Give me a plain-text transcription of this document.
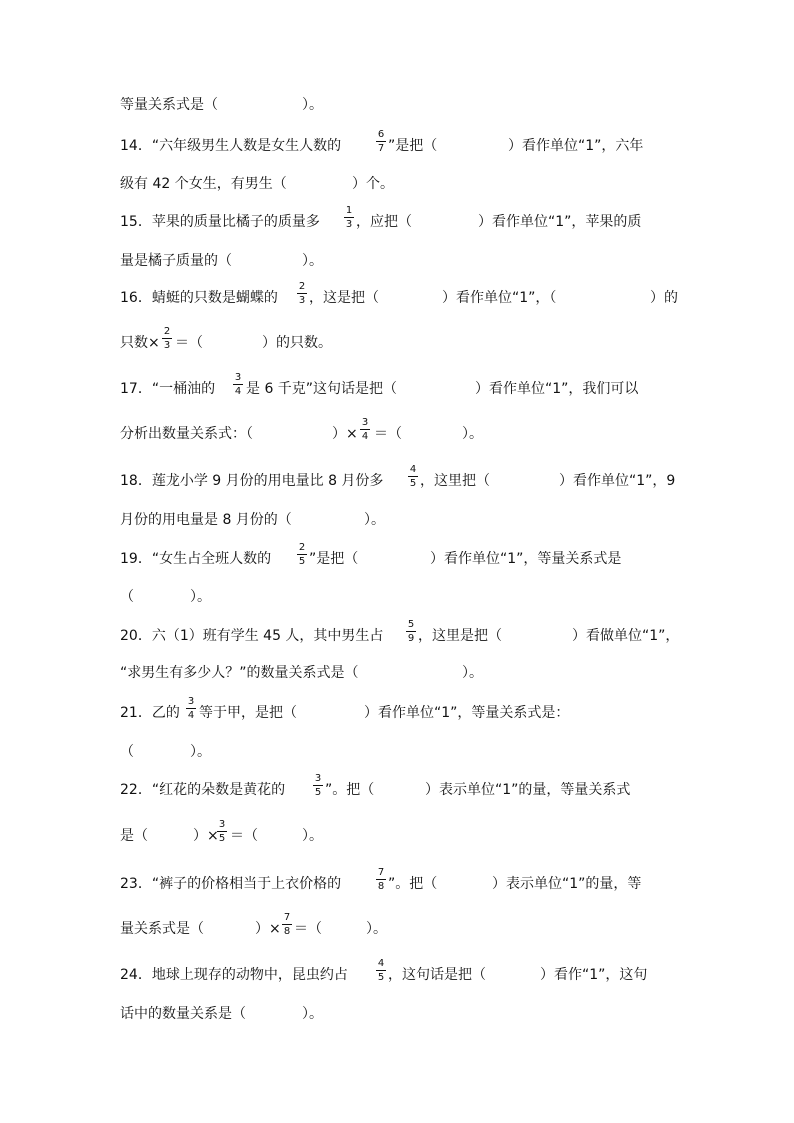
等量关系式是（	）。
14．“六年级男生人数是女生人数的	$\frac{6}{7}$ ”是把（	）看作单位“1”，六年
级有 42 个女生，有男生（	）个。
15．苹果的质量比橘子的质量多 $\frac{1}{3}$ ，应把（	）看作单位“1”，苹果的质
量是橘子质量的（	）。
16．蜻蜓的只数是蝴蝶的 $\frac{2}{3}$ ，这是把（	）看作单位“1”，（	）的
只数× $\frac{2}{3}$ ＝（	）的只数。
17．“一桶油的 $\frac{3}{4}$ 是 6 千克”这句话是把（	）看作单位“1”，我们可以
分析出数量关系式：（	）× $\frac{3}{4}$ ＝（	）。
18．莲龙小学 9 月份的用电量比 8 月份多 $\frac{4}{5}$ ，这里把（	）看作单位“1”，9
月份的用电量是 8 月份的（	）。
19．“女生占全班人数的	$\frac{2}{5}$ ”是把（	）看作单位“1”，等量关系式是
（	）。
20．六（1）班有学生 45 人，其中男生占 $\frac{5}{9}$ ，这里是把（	）看做单位“1”，
“求男生有多少人？”的数量关系式是（	）。
21．乙的 $\frac{3}{4}$ 等于甲，是把（	）看作单位“1”，等量关系式是：
（	）。
22．“红花的朵数是黄花的	$\frac{3}{5}$ ”。把（	）表示单位“1”的量，等量关系式
是（	）×
$\frac{3}{5}$ ＝（	）。
23．“裤子的价格相当于上衣价格的	$\frac{7}{8}$ ”。把（	）表示单位“1”的量，等
量关系式是（	）× $\frac{7}{8}$ ＝（	）。
24．地球上现存的动物中，昆虫约占	$\frac{4}{5}$ ，这句话是把（	）看作“1”，这句
话中的数量关系是（	）。
